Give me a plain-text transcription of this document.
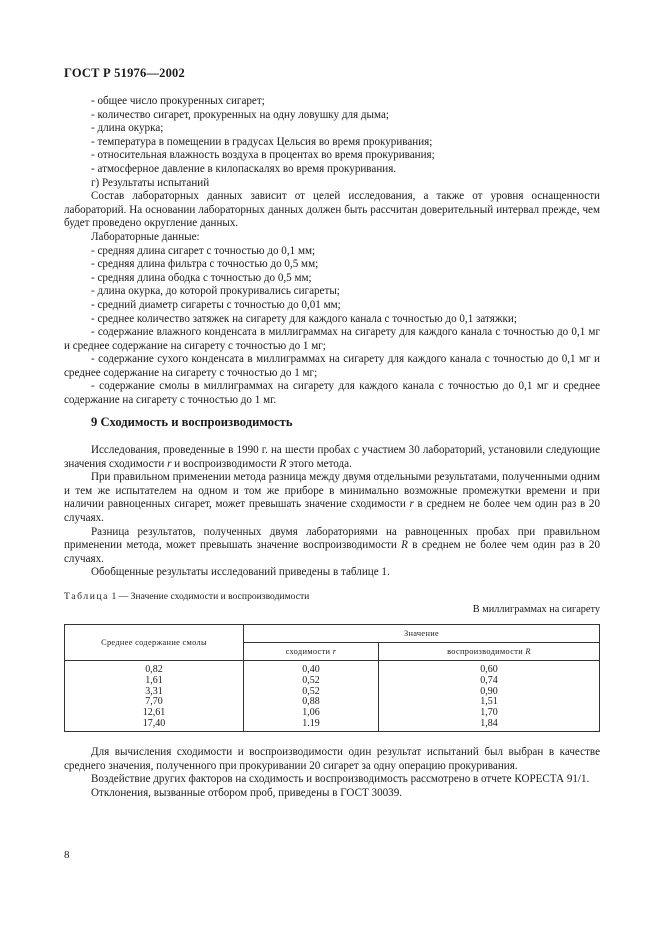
ГОСТ Р 51976—2002

- общее число прокуренных сигарет;

- количество сигарет, прокуренных на одну ловушку для дыма;

- длина окурка;

- температура в помещении в градусах Цельсия во время прокуривания;

- относительная влажность воздуха в процентах во время прокуривания;

- атмосферное давление в килопаскалях во время прокуривания.

г) Результаты испытаний

Состав лабораторных данных зависит от целей исследования, а также от уровня оснащенности лабораторий. На основании лабораторных данных должен быть рассчитан доверительный интервал прежде, чем будет проведено округление данных.

Лабораторные данные:

- средняя длина сигарет с точностью до 0,1 мм;

- средняя длина фильтра с точностью до 0,5 мм;

- средняя длина ободка с точностью до 0,5 мм;

- длина окурка, до которой прокуривались сигареты;

- средний диаметр сигареты с точностью до 0,01 мм;

- среднее количество затяжек на сигарету для каждого канала с точностью до 0,1 затяжки;

- содержание влажного конденсата в миллиграммах на сигарету для каждого канала с точностью до 0,1 мг и среднее содержание на сигарету с точностью до 1 мг;

- содержание сухого конденсата в миллиграммах на сигарету для каждого канала с точностью до 0,1 мг и среднее содержание на сигарету с точностью до 1 мг;

- содержание смолы в миллиграммах на сигарету для каждого канала с точностью до 0,1 мг и среднее содержание на сигарету с точностью до 1 мг.

9 Сходимость и воспроизводимость

Исследования, проведенные в 1990 г. на шести пробах с участием 30 лабораторий, установили следующие значения сходимости r и воспроизводимости R этого метода.

При правильном применении метода разница между двумя отдельными результатами, полученными одним и тем же испытателем на одном и том же приборе в минимально возможные промежутки времени и при наличии равноценных сигарет, может превышать значение сходимости r в среднем не более чем один раз в 20 случаях.

Разница результатов, полученных двумя лабораториями на равноценных пробах при правильном применении метода, может превышать значение воспроизводимости R в среднем не более чем один раз в 20 случаях.

Обобщенные результаты исследований приведены в таблице 1.

Таблица 1 — Значение сходимости и воспроизводимости
В миллиграммах на сигарету
Среднее содержание смолы	Значение	
	сходимости r	воспроизводимости R
0,82	0,40	0,60
1,61	0,52	0,74
3,31	0,52	0,90
7,70	0,88	1,51
12,61	1,06	1,70
17,40	1.19	1,84

Для вычисления сходимости и воспроизводимости один результат испытаний был выбран в качестве среднего значения, полученного при прокуривании 20 сигарет за одну операцию прокуривания.

Воздействие других факторов на сходимость и воспроизводимость рассмотрено в отчете КОРЕСТА 91/1.

Отклонения, вызванные отбором проб, приведены в ГОСТ 30039.

8
